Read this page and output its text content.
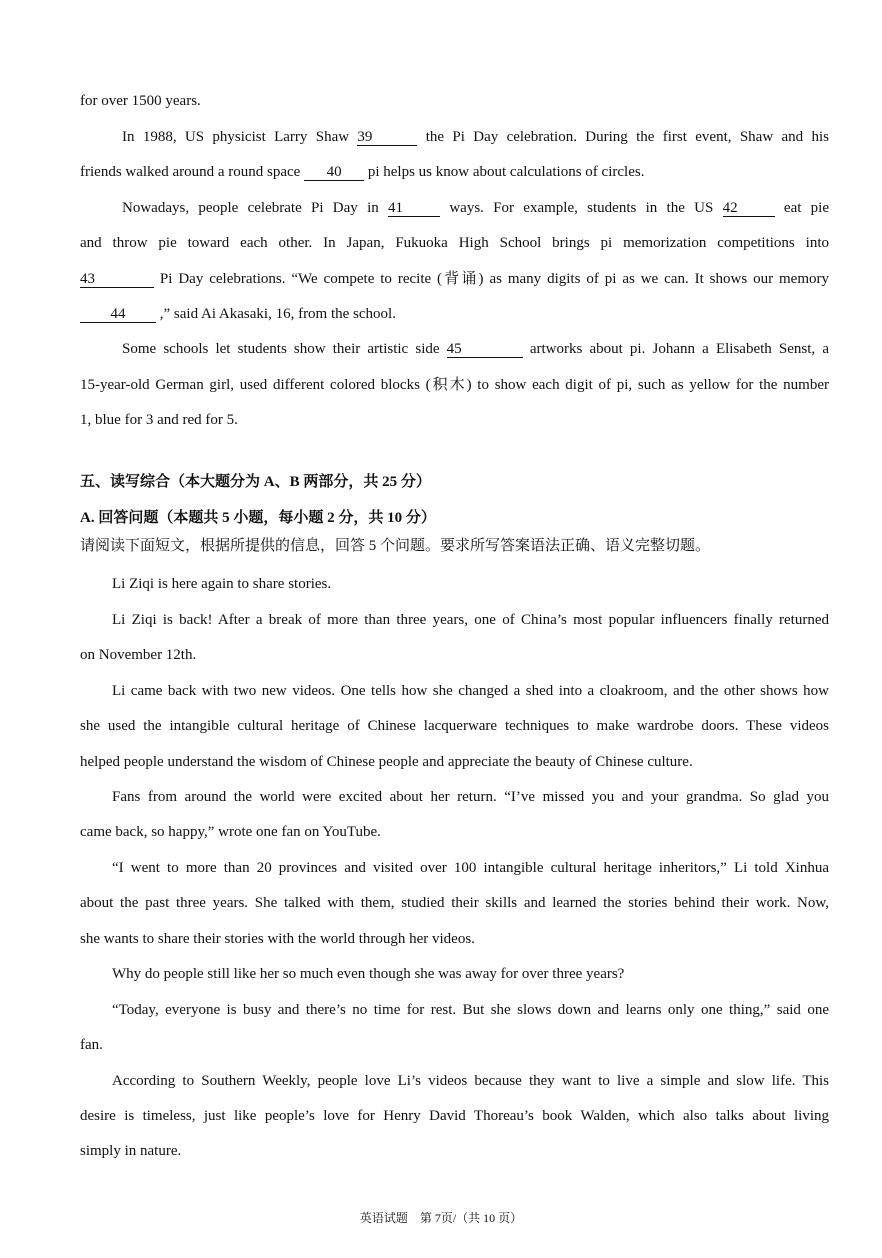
for over 1500 years.
In 1988, US physicist Larry Shaw 39	the Pi Day celebration. During the first event, Shaw and his
friends walked around a round space 40 pi helps us know about calculations of circles.
Nowadays, people celebrate Pi Day in 41 ways. For example, students in the US 42 eat pie
and throw pie toward each other. In Japan, Fukuoka High School brings pi memorization competitions into
43	Pi Day celebrations. “We compete to recite (背诵) as many digits of pi as we can. It shows our memory
44 ,” said Ai Akasaki, 16, from the school.
Some schools let students show their artistic side 45	artworks about pi. Johann a Elisabeth Senst, a
15-year-old German girl, used different colored blocks (积木) to show each digit of pi, such as yellow for the number
1, blue for 3 and red for 5.
五、读写综合（本大题分为 A、B 两部分，共 25 分）
A. 回答问题（本题共 5 小题，每小题 2 分，共 10 分）
请阅读下面短文，根据所提供的信息，回答 5 个问题。要求所写答案语法正确、语义完整切题。
Li Ziqi is here again to share stories.
Li Ziqi is back! After a break of more than three years, one of China’s most popular influencers finally returned
on November 12th.
Li came back with two new videos. One tells how she changed a shed into a cloakroom, and the other shows how
she used the intangible cultural heritage of Chinese lacquerware techniques to make wardrobe doors. These videos
helped people understand the wisdom of Chinese people and appreciate the beauty of Chinese culture.
Fans from around the world were excited about her return. “I’ve missed you and your grandma. So glad you
came back, so happy,” wrote one fan on YouTube.
“I went to more than 20 provinces and visited over 100 intangible cultural heritage inheritors,” Li told Xinhua
about the past three years. She talked with them, studied their skills and learned the stories behind their work. Now,
she wants to share their stories with the world through her videos.
Why do people still like her so much even though she was away for over three years?
“Today, everyone is busy and there’s no time for rest. But she slows down and learns only one thing,” said one
fan.
According to Southern Weekly, people love Li’s videos because they want to live a simple and slow life. This
desire is timeless, just like people’s love for Henry David Thoreau’s book Walden, which also talks about living
simply in nature.
英语试题　第 7页/（共 10 页）
